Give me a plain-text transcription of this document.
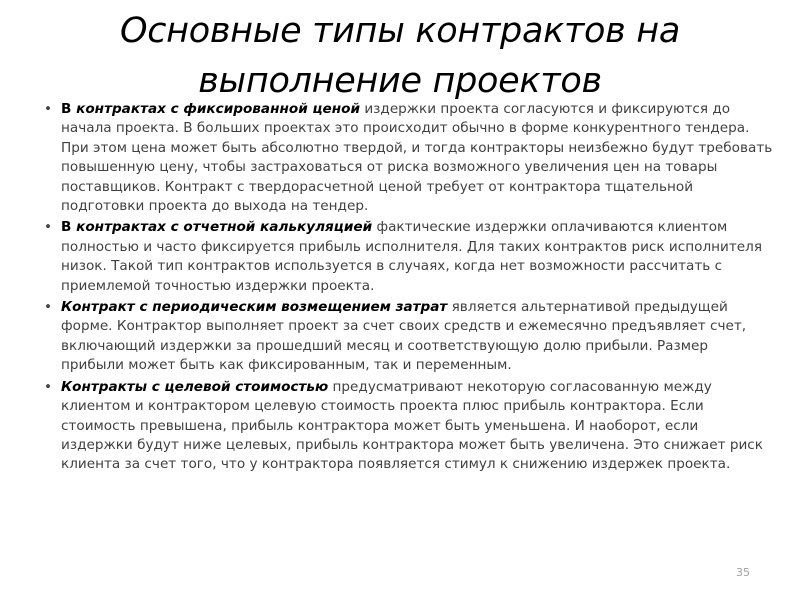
Основные типы контрактов на
выполнение проектов
• В контрактах с фиксированной ценой издержки проекта согласуются и фиксируются до начала проекта. В больших проектах это происходит обычно в форме конкурентного тендера. При этом цена может быть абсолютно твердой, и тогда контракторы неизбежно будут требовать повышенную цену, чтобы застраховаться от риска возможного увеличения цен на товары поставщиков. Контракт с твердорасчетной ценой требует от контрактора тщательной подготовки проекта до выхода на тендер.
• В контрактах с отчетной калькуляцией фактические издержки оплачиваются клиентом полностью и часто фиксируется прибыль исполнителя. Для таких контрактов риск исполнителя низок. Такой тип контрактов используется в случаях, когда нет возможности рассчитать с приемлемой точностью издержки проекта.
• Контракт с периодическим возмещением затрат является альтернативой предыдущей форме. Контрактор выполняет проект за счет своих средств и ежемесячно предъявляет счет, включающий издержки за прошедший месяц и соответствующую долю прибыли. Размер прибыли может быть как фиксированным, так и переменным.
• Контракты с целевой стоимостью предусматривают некоторую согласованную между клиентом и контрактором целевую стоимость проекта плюс прибыль контрактора. Если стоимость превышена, прибыль контрактора может быть уменьшена. И наоборот, если издержки будут ниже целевых, прибыль контрактора может быть увеличена. Это снижает риск клиента за счет того, что у контрактора появляется стимул к снижению издержек проекта.
35
